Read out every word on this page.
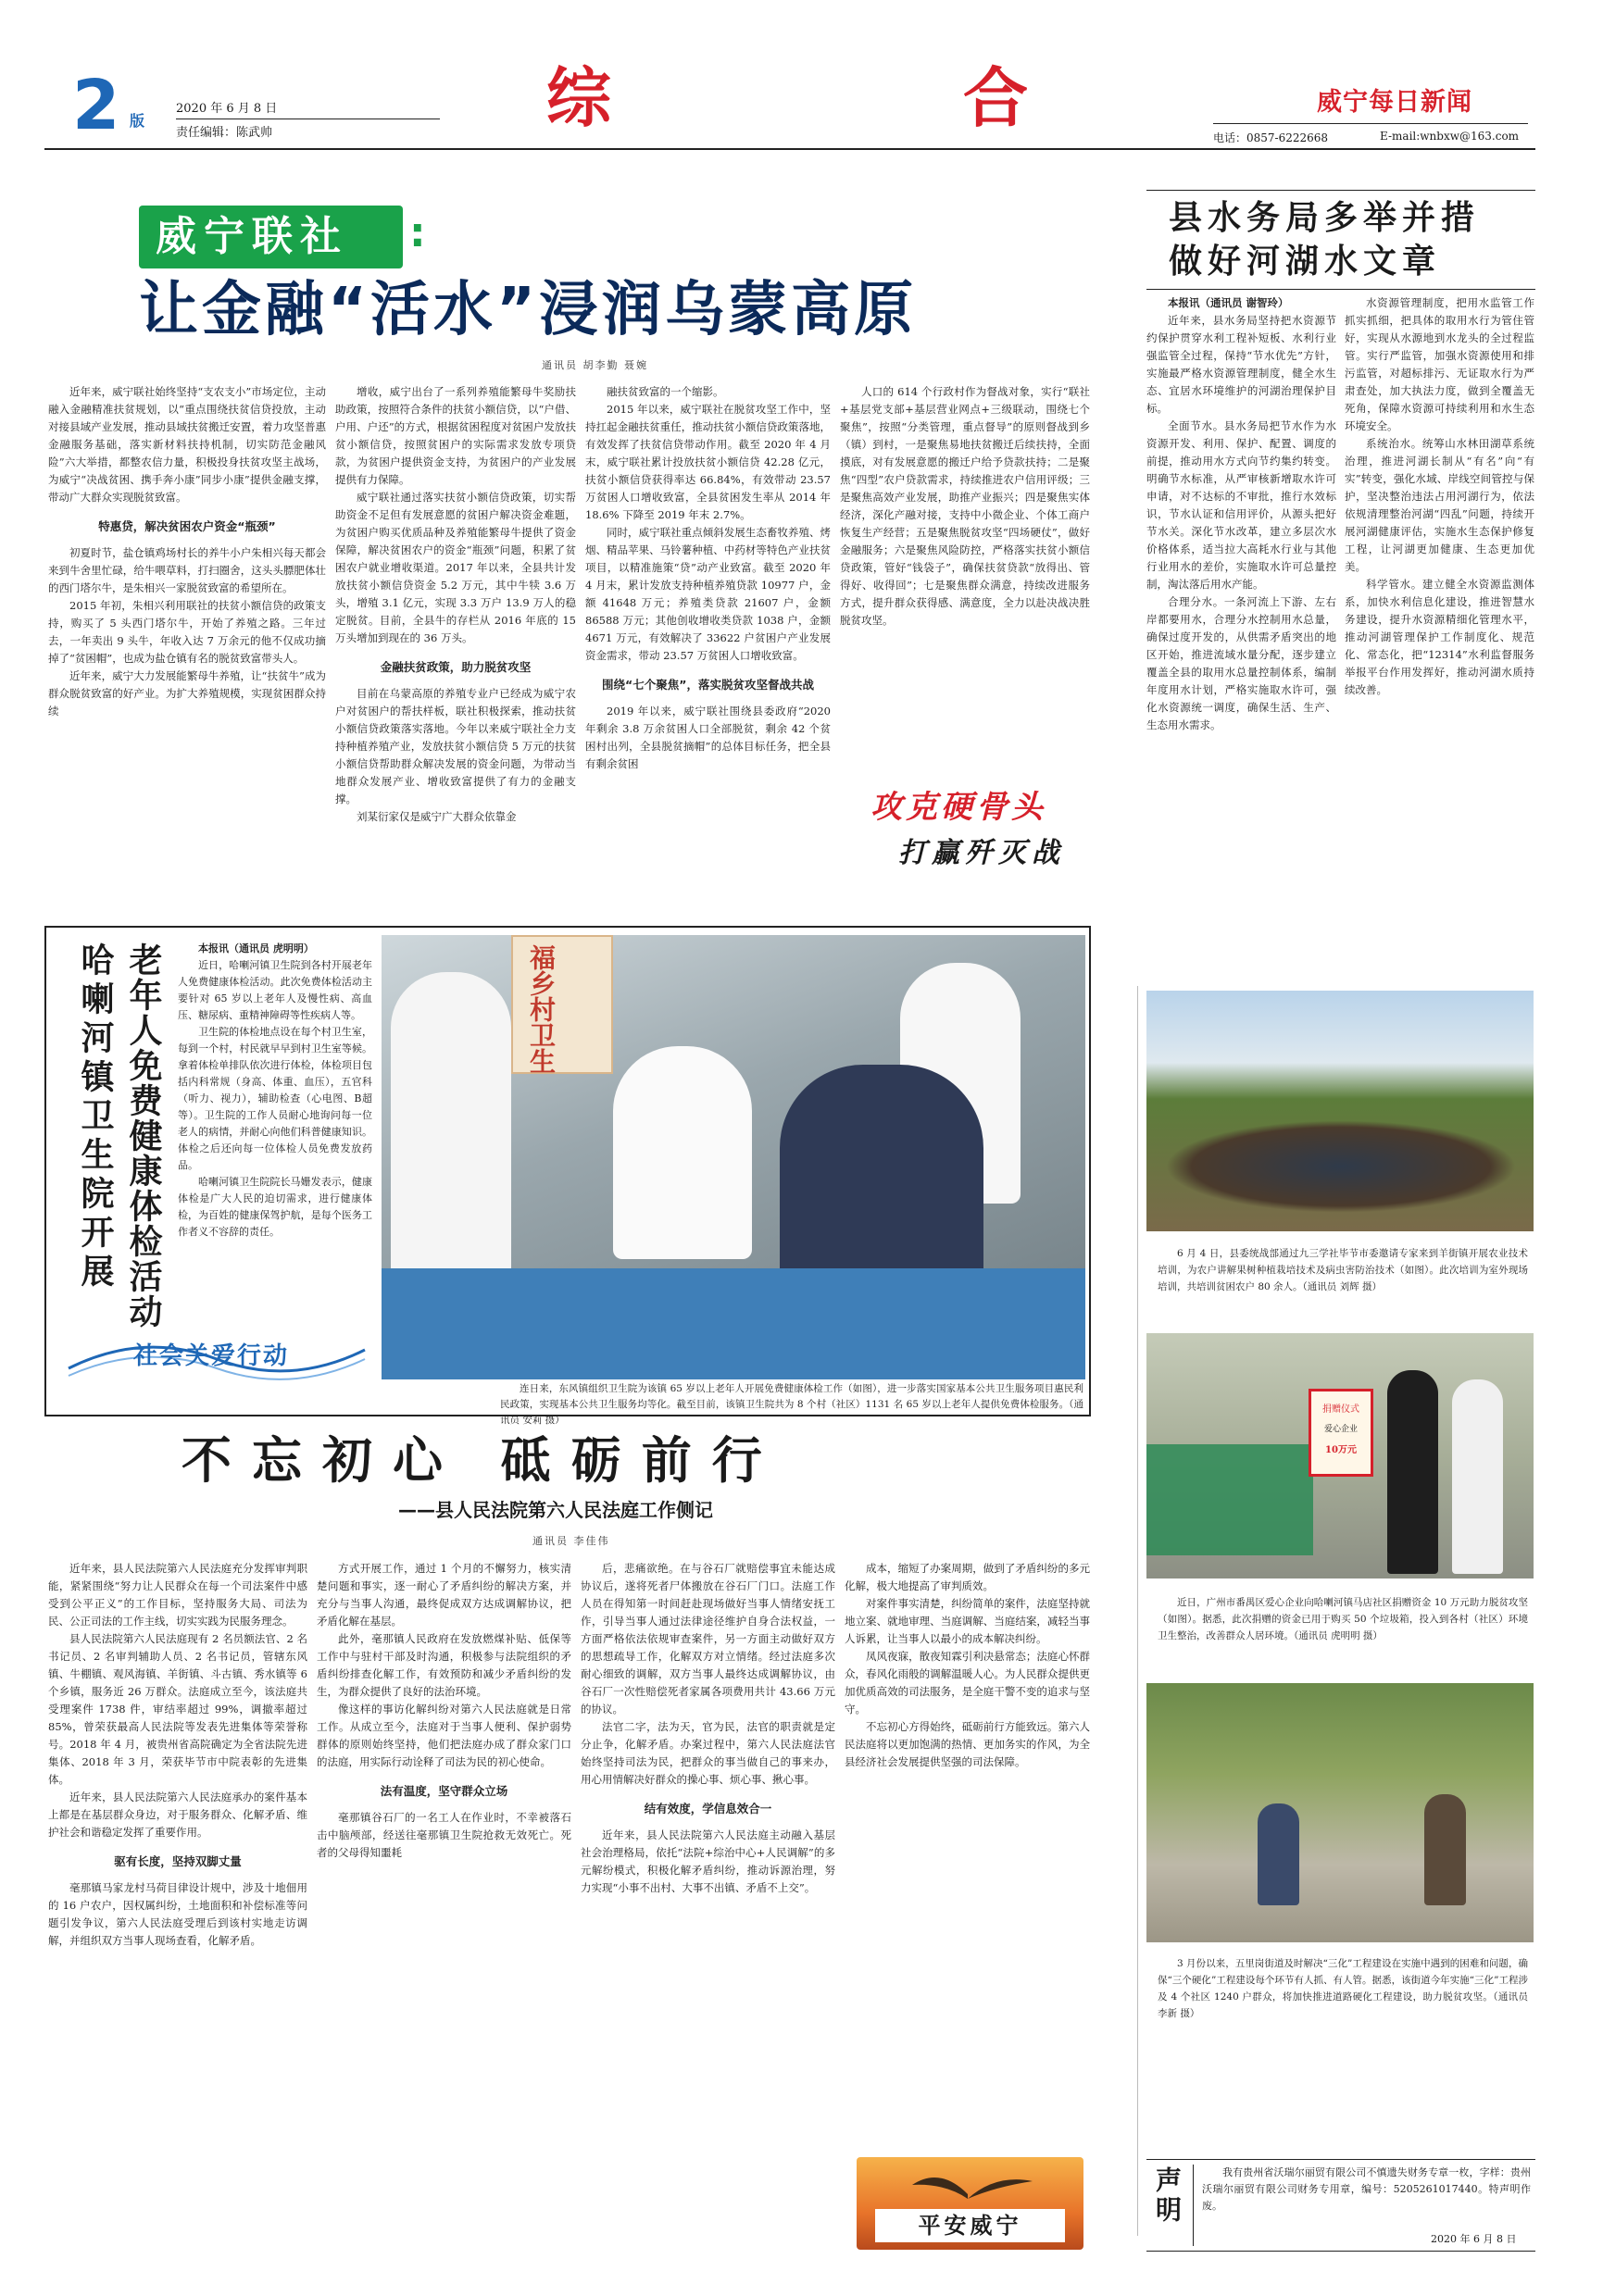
2 版
2020 年 6 月 8 日
责任编辑：陈武帅	综	合	威宁每日新闻
电话：0857-6222668	E-mail:wnbxw@163.com
威宁联社 :
让金融“活水”浸润乌蒙高原
通讯员 胡李勤 聂婉

近年来，威宁联社始终坚持“支农支小”市场定位，主动融入金融精准扶贫规划，以“重点围绕扶贫信贷投放，主动对接县域产业发展，推动县域扶贫搬迁安置，着力攻坚普惠金融服务基础，落实新材料扶持机制，切实防范金融风险”六大举措，都整农信力量，积极投身扶贫攻坚主战场，为威宁“决战贫困、携手奔小康”同步小康”提供金融支撑，带动广大群众实现脱贫致富。

特惠贷，解决贫困农户资金“瓶颈”

初夏时节，盐仓镇鸡场村长的养牛小户朱相兴每天都会来到牛舍里忙碌，给牛喂草料，打扫圈舍，这头头膘肥体壮的西门塔尔牛，是朱相兴一家脱贫致富的希望所在。

2015 年初，朱相兴利用联社的扶贫小额信贷的政策支持，购买了 5 头西门塔尔牛，开始了养殖之路。三年过去，一年卖出 9 头牛，年收入达 7 万余元的他不仅成功摘掉了“贫困帽”，也成为盐仓镇有名的脱贫致富带头人。

近年来，威宁大力发展能繁母牛养殖，让“扶贫牛”成为群众脱贫致富的好产业。为扩大养殖规模，实现贫困群众持续

增收，威宁出台了一系列养殖能繁母牛奖励扶助政策，按照符合条件的扶贫小额信贷，以“户借、户用、户还”的方式，根据贫困程度对贫困户发放扶贫小额信贷，按照贫困户的实际需求发放专项贷款，为贫困户提供资金支持，为贫困户的产业发展提供有力保障。

威宁联社通过落实扶贫小额信贷政策，切实帮助资金不足但有发展意愿的贫困户解决资金难题，为贫困户购买优质品种及养殖能繁母牛提供了资金保障，解决贫困农户的资金“瓶颈”问题，积累了贫困农户就业增收渠道。2017 年以来，全县共计发放扶贫小额信贷资金 5.2 万元，其中牛犊 3.6 万头，增殖 3.1 亿元，实现 3.3 万户 13.9 万人的稳定脱贫。目前，全县牛的存栏从 2016 年底的 15 万头增加到现在的 36 万头。

金融扶贫政策，助力脱贫攻坚

目前在乌蒙高原的养殖专业户已经成为威宁农户对贫困户的帮扶样板，联社积极探索，推动扶贫小额信贷政策落实落地。今年以来威宁联社全力支持种植养殖产业，发放扶贫小额信贷 5 万元的扶贫小额信贷帮助群众解决发展的资金问题，为带动当地群众发展产业、增收致富提供了有力的金融支撑。

刘某衍家仅是威宁广大群众依靠金

融扶贫致富的一个缩影。

2015 年以来，威宁联社在脱贫攻坚工作中，坚持扛起金融扶贫重任，推动扶贫小额信贷政策落地，有效发挥了扶贫信贷带动作用。截至 2020 年 4 月末，威宁联社累计投放扶贫小额信贷 42.28 亿元，扶贫小额信贷获得率达 66.84%，有效带动 23.57 万贫困人口增收致富，全县贫困发生率从 2014 年 18.6% 下降至 2019 年末 2.7%。

同时，威宁联社重点倾斜发展生态畜牧养殖、烤烟、精品苹果、马铃薯种植、中药材等特色产业扶贫项目，以精准施策“贷”动产业致富。截至 2020 年 4 月末，累计发放支持种植养殖贷款 10977 户，金额 41648 万元；养殖类贷款 21607 户，金额 86588 万元；其他创收增收类贷款 1038 户，金额 4671 万元，有效解决了 33622 户贫困户产业发展资金需求，带动 23.57 万贫困人口增收致富。

围绕“七个聚焦”，落实脱贫攻坚督战共战

2019 年以来，威宁联社围绕县委政府“2020 年剩余 3.8 万余贫困人口全部脱贫，剩余 42 个贫困村出列，全县脱贫摘帽”的总体目标任务，把全县有剩余贫困

人口的 614 个行政村作为督战对象，实行“联社+基层党支部+基层营业网点+三级联动，围绕七个聚焦”，按照“分类管理，重点督导”的原则督战到乡（镇）到村，一是聚焦易地扶贫搬迁后续扶持，全面摸底，对有发展意愿的搬迁户给予贷款扶持；二是聚焦“四型”农户贷款需求，持续推进农户信用评级；三是聚焦高效产业发展，助推产业振兴；四是聚焦实体经济，深化产融对接，支持中小微企业、个体工商户恢复生产经营；五是聚焦脱贫攻坚“四场硬仗”，做好金融服务；六是聚焦风险防控，严格落实扶贫小额信贷政策，管好“钱袋子”，确保扶贫贷款“放得出、管得好、收得回”；七是聚焦群众满意，持续改进服务方式，提升群众获得感、满意度，全力以赴决战决胜脱贫攻坚。

攻克硬骨头
打赢歼灭战
县水务局多举并措
做好河湖水文章

本报讯（通讯员 谢智玲）

近年来，县水务局坚持把水资源节约保护贯穿水利工程补短板、水利行业强监管全过程，保持“节水优先”方针，实施最严格水资源管理制度，健全水生态、宜居水环境维护的河湖治理保护目标。

全面节水。县水务局把节水作为水资源开发、利用、保护、配置、调度的前提，推动用水方式向节约集约转变。明确节水标准，从严审核新增取水许可申请，对不达标的不审批，推行水效标识，节水认证和信用评价，从源头把好节水关。深化节水改革，建立多层次水价格体系，适当拉大高耗水行业与其他行业用水的差价，实施取水许可总量控制，淘汰落后用水产能。

合理分水。一条河流上下游、左右岸都要用水，合理分水控制用水总量，确保过度开发的，从供需矛盾突出的地区开始，推进流域水量分配，逐步建立覆盖全县的取用水总量控制体系，编制年度用水计划，严格实施取水许可，强化水资源统一调度，确保生活、生产、生态用水需求。

水资源管理制度，把用水监管工作抓实抓细，把具体的取用水行为管住管好，实现从水源地到水龙头的全过程监管。实行严监管，加强水资源使用和排污监管，对超标排污、无证取水行为严肃查处，加大执法力度，做到全覆盖无死角，保障水资源可持续利用和水生态环境安全。

系统治水。统筹山水林田湖草系统治理，推进河湖长制从“有名”向“有实”转变，强化水域、岸线空间管控与保护，坚决整治违法占用河湖行为，依法依规清理整治河湖“四乱”问题，持续开展河湖健康评估，实施水生态保护修复工程，让河湖更加健康、生态更加优美。

科学管水。建立健全水资源监测体系，加快水利信息化建设，推进智慧水务建设，提升水资源精细化管理水平，推动河湖管理保护工作制度化、规范化、常态化，把“12314”水利监督服务举报平台作用发挥好，推动河湖水质持续改善。

哈喇河镇卫生院开展 老年人免费健康体检活动	本报讯（通讯员 虎明明）

近日，哈喇河镇卫生院到各村开展老年人免费健康体检活动。此次免费体检活动主要针对 65 岁以上老年人及慢性病、高血压、糖尿病、重精神障碍等性疾病人等。

卫生院的体检地点设在每个村卫生室，每到一个村，村民就早早到村卫生室等候。拿着体检单排队依次进行体检，体检项目包括内科常规（身高、体重、血压），五官科（听力、视力），辅助检查（心电图、B超等）。卫生院的工作人员耐心地询问每一位老人的病情，并耐心向他们科普健康知识。体检之后还向每一位体检人员免费发放药品。

哈喇河镇卫生院院长马姗发表示，健康体检是广大人民的迫切需求，进行健康体检，为百姓的健康保驾护航，是每个医务工作者义不容辞的责任。

社会关爱行动
福乡村卫生

连日来，东风镇组织卫生院为该镇 65 岁以上老年人开展免费健康体检工作（如图），进一步落实国家基本公共卫生服务项目惠民利民政策，实现基本公共卫生服务均等化。截至目前，该镇卫生院共为 8 个村（社区）1131 名 65 岁以上老年人提供免费体检服务。（通讯员 安莉 摄）

不忘初心 砥砺前行
——县人民法院第六人民法庭工作侧记
通讯员 李佳伟

近年来，县人民法院第六人民法庭充分发挥审判职能，紧紧围绕“努力让人民群众在每一个司法案件中感受到公平正义”的工作目标，坚持服务大局、司法为民、公正司法的工作主线，切实实践为民服务理念。

县人民法院第六人民法庭现有 2 名员额法官、2 名书记员、2 名审判辅助人员、2 名书记员，管辖东风镇、牛棚镇、观风海镇、羊街镇、斗古镇、秀水镇等 6 个乡镇，服务近 26 万群众。法庭成立至今，该法庭共受理案件 1738 件，审结率超过 99%，调撤率超过 85%，曾荣获最高人民法院等发表先进集体等荣誉称号。2018 年 4 月，被贵州省高院确定为全省法院先进集体、2018 年 3 月，荣获毕节市中院表彰的先进集体。

近年来，县人民法院第六人民法庭承办的案件基本上都是在基层群众身边，对于服务群众、化解矛盾、维护社会和谐稳定发挥了重要作用。

驱有长度，坚持双脚丈量

毫那镇马家龙村马荷目律设计规中，涉及十地佃用的 16 户农户，因权属纠纷，土地面积和补偿标准等问题引发争议，第六人民法庭受理后到该村实地走访调解，并组织双方当事人现场查看，化解矛盾。

方式开展工作，通过 1 个月的不懈努力，核实清楚问题和事实，逐一耐心了矛盾纠纷的解决方案，并充分与当事人沟通，最终促成双方达成调解协议，把矛盾化解在基层。

此外，毫那镇人民政府在发放燃煤补贴、低保等工作中与驻村干部及时沟通，积极参与法院组织的矛盾纠纷排查化解工作，有效预防和减少矛盾纠纷的发生，为群众提供了良好的法治环境。

像这样的事访化解纠纷对第六人民法庭就是日常工作。从成立至今，法庭对于当事人便利、保护弱势群体的原则始终坚持，他们把法庭办成了群众家门口的法庭，用实际行动诠释了司法为民的初心使命。

法有温度，坚守群众立场

毫那镇谷石厂的一名工人在作业时，不幸被落石击中脑颅部，经送往毫那镇卫生院抢救无效死亡。死者的父母得知噩耗

后，悲痛欲绝。在与谷石厂就赔偿事宜未能达成协议后，遂将死者尸体搬放在谷石厂门口。法庭工作人员在得知第一时间赶赴现场做好当事人情绪安抚工作，引导当事人通过法律途径维护自身合法权益，一方面严格依法依规审查案件，另一方面主动做好双方的思想疏导工作，化解双方对立情绪。经过法庭多次耐心细致的调解，双方当事人最终达成调解协议，由谷石厂一次性赔偿死者家属各项费用共计 43.66 万元的协议。

法官二字，法为天，官为民，法官的职责就是定分止争，化解矛盾。办案过程中，第六人民法庭法官始终坚持司法为民，把群众的事当做自己的事来办，用心用情解决好群众的操心事、烦心事、揪心事。

结有效度，学信息效合一

近年来，县人民法院第六人民法庭主动融入基层社会治理格局，依托“法院+综治中心+人民调解”的多元解纷模式，积极化解矛盾纠纷，推动诉源治理，努力实现“小事不出村、大事不出镇、矛盾不上交”。

成本，缩短了办案周期，做到了矛盾纠纷的多元化解，极大地提高了审判质效。

对案件事实清楚，纠纷简单的案件，法庭坚持就地立案、就地审理、当庭调解、当庭结案，减轻当事人诉累，让当事人以最小的成本解决纠纷。

凤风夜寐，散夜知霖引利决悬常态；法庭心怀群众，春风化雨般的调解温暖人心。为人民群众提供更加优质高效的司法服务，是全庭干警不变的追求与坚守。

不忘初心方得始终，砥砺前行方能致远。第六人民法庭将以更加饱满的热情、更加务实的作风，为全县经济社会发展提供坚强的司法保障。

平安威宁

6 月 4 日，县委统战部通过九三学社毕节市委邀请专家来到羊街镇开展农业技术培训，为农户讲解果树种植栽培技术及病虫害防治技术（如图）。此次培训为室外现场培训，共培训贫困农户 80 余人。（通讯员 刘辉 摄）

捐赠仪式
爱心企业
10万元

近日，广州市番禺区爱心企业向哈喇河镇马店社区捐赠资金 10 万元助力脱贫攻坚（如图）。据悉，此次捐赠的资金已用于购买 50 个垃圾箱，投入到各村（社区）环境卫生整治，改善群众人居环境。（通讯员 虎明明 摄）

3 月份以来，五里岗街道及时解决“三化”工程建设在实施中遇到的困难和问题，确保“三个硬化”工程建设每个环节有人抓、有人管。据悉，该街道今年实施“三化”工程涉及 4 个社区 1240 户群众，将加快推进道路硬化工程建设，助力脱贫攻坚。（通讯员 李新 摄）

声明	我有贵州省沃瑞尔丽贸有限公司不慎遗失财务专章一枚，字样：贵州沃瑞尔丽贸有限公司财务专用章，编号：5205261017440。特声明作废。

2020 年 6 月 8 日
